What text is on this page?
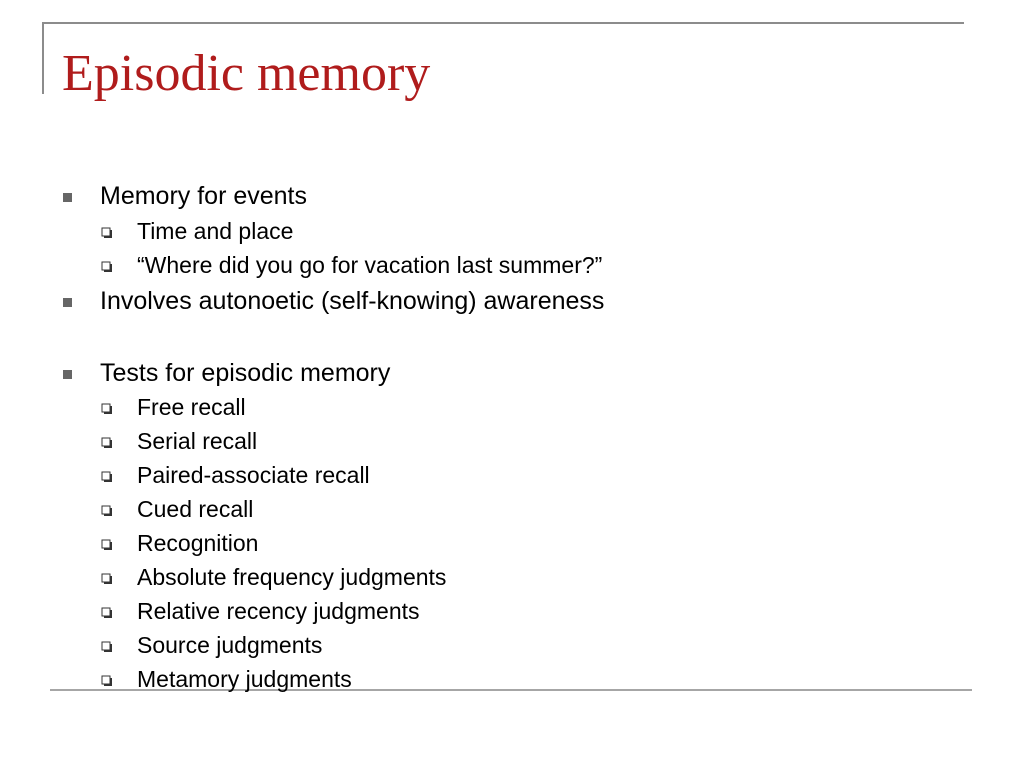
Episodic memory
Memory for events
Time and place
“Where did you go for vacation last summer?”
Involves autonoetic (self-knowing) awareness
Tests for episodic memory
Free recall
Serial recall
Paired-associate recall
Cued recall
Recognition
Absolute frequency judgments
Relative recency judgments
Source judgments
Metamory judgments
